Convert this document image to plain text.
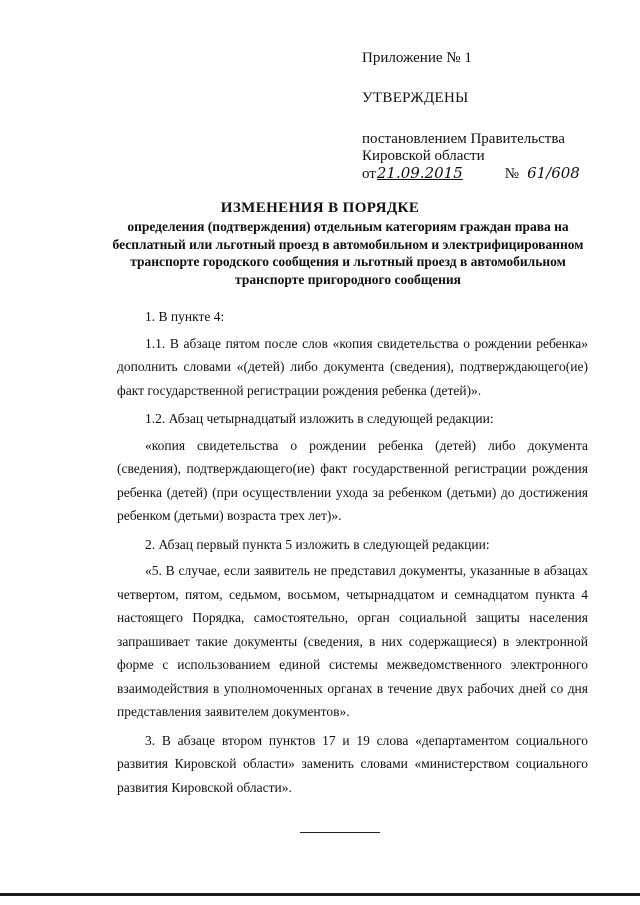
Приложение № 1

УТВЕРЖДЕНЫ

постановлением Правительства

Кировской области

от21.09.2015	№ 61/608

ИЗМЕНЕНИЯ В ПОРЯДКЕ

определения (подтверждения) отдельным категориям граждан права на бесплатный или льготный проезд в автомобильном и электрифицированном транспорте городского сообщения и льготный проезд в автомобильном транспорте пригородного сообщения

1. В пункте 4:

1.1. В абзаце пятом после слов «копия свидетельства о рождении ребенка» дополнить словами «(детей) либо документа (сведения), подтверждающего(ие) факт государственной регистрации рождения ребенка (детей)».

1.2. Абзац четырнадцатый изложить в следующей редакции:

«копия свидетельства о рождении ребенка (детей) либо документа (сведения), подтверждающего(ие) факт государственной регистрации рождения ребенка (детей) (при осуществлении ухода за ребенком (детьми) до достижения ребенком (детьми) возраста трех лет)».

2. Абзац первый пункта 5 изложить в следующей редакции:

«5. В случае, если заявитель не представил документы, указанные в абзацах четвертом, пятом, седьмом, восьмом, четырнадцатом и семнадцатом пункта 4 настоящего Порядка, самостоятельно, орган социальной защиты населения запрашивает такие документы (сведения, в них содержащиеся) в электронной форме с использованием единой системы межведомственного электронного взаимодействия в уполномоченных органах в течение двух рабочих дней со дня представления заявителем документов».

3. В абзаце втором пунктов 17 и 19 слова «департаментом социального развития Кировской области» заменить словами «министерством социального развития Кировской области».
